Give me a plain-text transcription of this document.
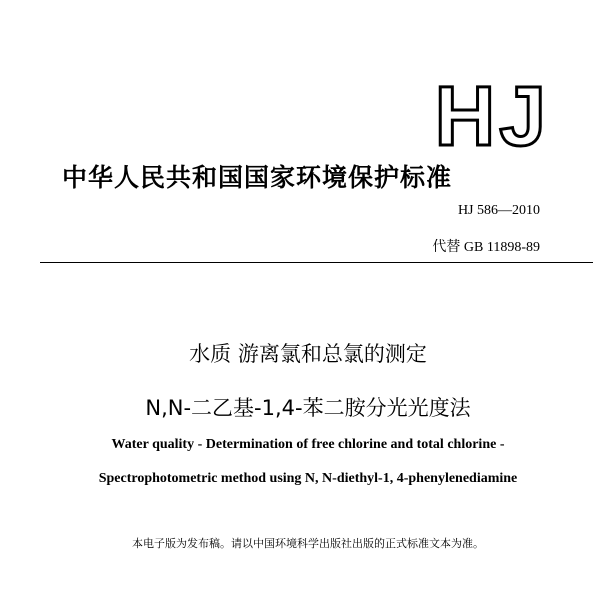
HJ
中华人民共和国国家环境保护标准
HJ 586—2010
代替 GB 11898-89
水质 游离氯和总氯的测定
N,N-二乙基-1,4-苯二胺分光光度法
Water quality - Determination of free chlorine and total chlorine -
Spectrophotometric method using N, N-diethyl-1, 4-phenylenediamine
本电子版为发布稿。请以中国环境科学出版社出版的正式标准文本为准。
